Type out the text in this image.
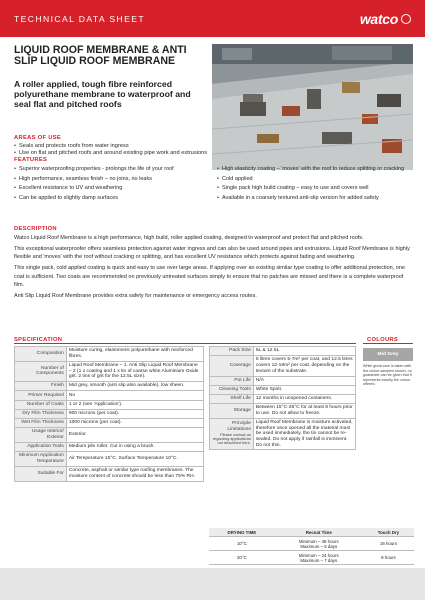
TECHNICAL DATA SHEET	watco
LIQUID ROOF MEMBRANE & ANTI SLIP LIQUID ROOF MEMBRANE
A roller applied, tough fibre reinforced polyurethane membrane to waterproof and seal flat and pitched roofs
AREAS OF USE
• Seals and protects roofs from water ingress
• Use on flat and pitched roofs and around existing pipe work and extrusions
FEATURES
• Superior waterproofing properties - prolongs the life of your roof
• High performance, seamless finish – no joins, no leaks
• Excellent resistance to UV and weathering
• Can be applied to slightly damp surfaces
• High elasticity coating – 'moves' with the roof to reduce splitting or cracking
• Cold applied
• Single pack high build coating – easy to use and covers well
• Available in a coarsely textured anti-slip version for added safety
DESCRIPTION

Watco Liquid Roof Membrane is a high performance, high build, roller applied coating, designed to waterproof and protect flat and pitched roofs.

This exceptional waterproofer offers seamless protection against water ingress and can also be used around pipes and extrusions. Liquid Roof Membrane is highly flexible and 'moves' with the roof without cracking or splitting, and has excellent UV resistance which protects against fading and weathering.

This single pack, cold applied coating is quick and easy to use over large areas. If applying over an existing similar type coating to offer additional protection, one coat is sufficient. Two coats are recommended on previously untreated surfaces simply to ensure that no patches are missed and there is a complete waterproof film.

Anti Slip Liquid Roof Membrane provides extra safety for maintenance or emergency access routes.

SPECIFICATION	COLOURS
Composition	Moisture curing, elastomeric polyurethane with reinforced fibres.
Number of Components	Liquid Roof Membrane – 1. Anti Slip Liquid Roof Membrane – 2 (1 x coating and 1 x tin of coarse white Aluminium Oxide grit. 2 tins of grit for the 12.5L size).
Finish	Mid grey, smooth (anti slip also available), low sheen.
Primer Required	No
Number of Coats	1 or 2 (see 'Application').
Dry Film Thickness	900 microns (per coat).
Wet Film Thickness	1000 microns (per coat).
Usage Interior/ Exterior	Exterior.
Application Tools	Medium pile roller. Cut in using a brush.
Minimum Application Temperature	Air Temperature 15°C. Surface Temperature 10°C.
Suitable For	Concrete, asphalt or similar type roofing membranes. The moisture content of concrete should be less than 75% RH.
Pack Size	5L & 12.5L
Coverage	5 litres covers 5-7m² per coat, and 12.5 litres covers 12-18m² per coat, depending on the texture of the substrate.
Pot Life	N/A
Cleaning Tools	White Spirit.
Shelf Life	12 months in unopened containers.
Storage	Between 15°C-25°C for at least 8 hours prior to use. Do not allow to freeze.
Principle Limitations
Please contact us regarding applications not described here.	Liquid Roof Membrane is moisture activated, therefore once opened all the material must be used immediately, the tin cannot be re-sealed. Do not apply if rainfall is imminent. Do not thin.
Mid Grey
While great care is taken with the colour samples shown, no guarantee can be given that it represents exactly the colour offered.
DRYING TIME	Recoat Time	Touch Dry
10°C	Minimum – 48 hours
Maximum – 5 days	16 hours
20°C	Minimum – 24 hours
Maximum – 7 days	8 hours
